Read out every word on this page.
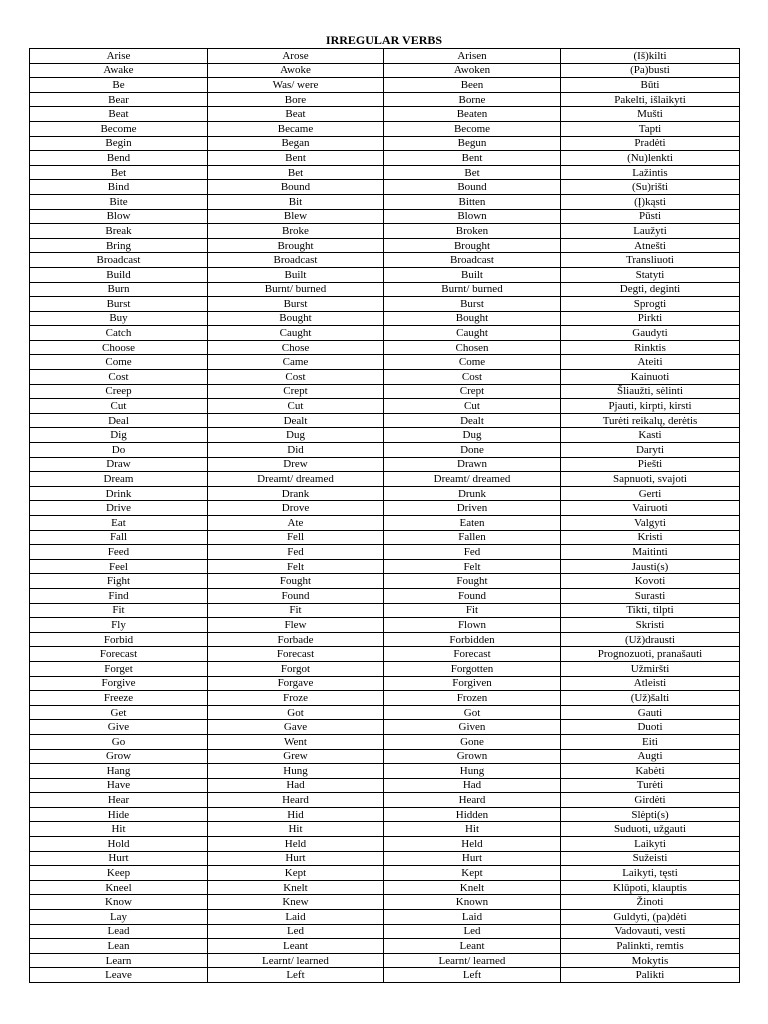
IRREGULAR VERBS
Arise	Arose	Arisen	(Iš)kilti
Awake	Awoke	Awoken	(Pa)busti
Be	Was/ were	Been	Būti
Bear	Bore	Borne	Pakelti, išlaikyti
Beat	Beat	Beaten	Mušti
Become	Became	Become	Tapti
Begin	Began	Begun	Pradėti
Bend	Bent	Bent	(Nu)lenkti
Bet	Bet	Bet	Lažintis
Bind	Bound	Bound	(Su)rišti
Bite	Bit	Bitten	(Į)kąsti
Blow	Blew	Blown	Pūsti
Break	Broke	Broken	Laužyti
Bring	Brought	Brought	Atnešti
Broadcast	Broadcast	Broadcast	Transliuoti
Build	Built	Built	Statyti
Burn	Burnt/ burned	Burnt/ burned	Degti, deginti
Burst	Burst	Burst	Sprogti
Buy	Bought	Bought	Pirkti
Catch	Caught	Caught	Gaudyti
Choose	Chose	Chosen	Rinktis
Come	Came	Come	Ateiti
Cost	Cost	Cost	Kainuoti
Creep	Crept	Crept	Šliaužti, sėlinti
Cut	Cut	Cut	Pjauti, kirpti, kirsti
Deal	Dealt	Dealt	Turėti reikalų, derėtis
Dig	Dug	Dug	Kasti
Do	Did	Done	Daryti
Draw	Drew	Drawn	Piešti
Dream	Dreamt/ dreamed	Dreamt/ dreamed	Sapnuoti, svajoti
Drink	Drank	Drunk	Gerti
Drive	Drove	Driven	Vairuoti
Eat	Ate	Eaten	Valgyti
Fall	Fell	Fallen	Kristi
Feed	Fed	Fed	Maitinti
Feel	Felt	Felt	Jausti(s)
Fight	Fought	Fought	Kovoti
Find	Found	Found	Surasti
Fit	Fit	Fit	Tikti, tilpti
Fly	Flew	Flown	Skristi
Forbid	Forbade	Forbidden	(Už)drausti
Forecast	Forecast	Forecast	Prognozuoti, pranašauti
Forget	Forgot	Forgotten	Užmiršti
Forgive	Forgave	Forgiven	Atleisti
Freeze	Froze	Frozen	(Už)šalti
Get	Got	Got	Gauti
Give	Gave	Given	Duoti
Go	Went	Gone	Eiti
Grow	Grew	Grown	Augti
Hang	Hung	Hung	Kabėti
Have	Had	Had	Turėti
Hear	Heard	Heard	Girdėti
Hide	Hid	Hidden	Slėpti(s)
Hit	Hit	Hit	Suduoti, užgauti
Hold	Held	Held	Laikyti
Hurt	Hurt	Hurt	Sužeisti
Keep	Kept	Kept	Laikyti, tęsti
Kneel	Knelt	Knelt	Klūpoti, klauptis
Know	Knew	Known	Žinoti
Lay	Laid	Laid	Guldyti, (pa)dėti
Lead	Led	Led	Vadovauti, vesti
Lean	Leant	Leant	Palinkti, remtis
Learn	Learnt/ learned	Learnt/ learned	Mokytis
Leave	Left	Left	Palikti
